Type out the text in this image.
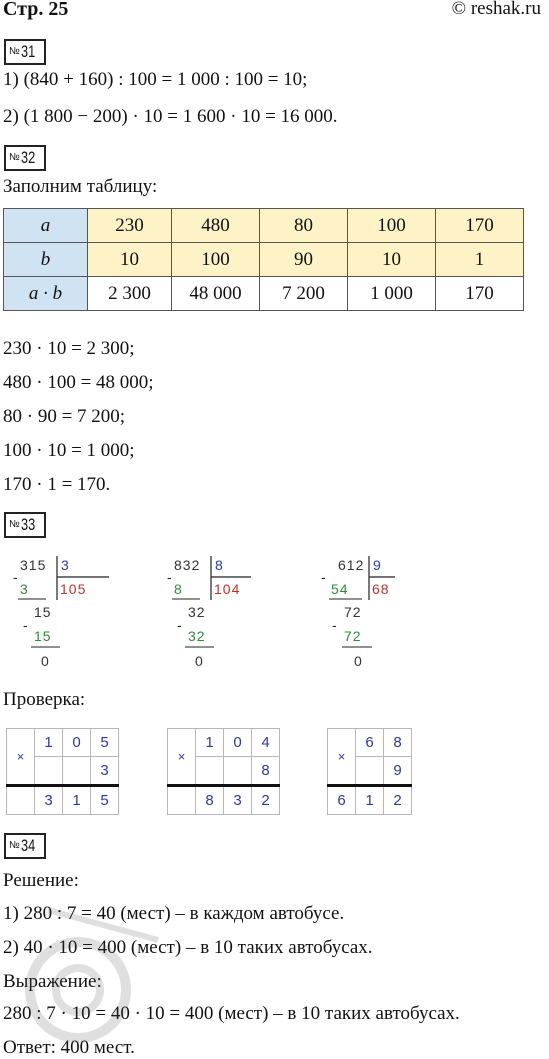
Стр. 25	© reshak.ru
№31
1) (840 + 160) : 100 = 1 000 : 100 = 10;
2) (1 800 − 200) · 10 = 1 600 · 10 = 16 000.
№32
Заполним таблицу:
a	230	480	80	100	170
b	10	100	90	10	1
a · b	2 300	48 000	7 200	1 000	170
230 · 10 = 2 300;
480 · 100 = 48 000;
80 · 90 = 7 200;
100 · 10 = 1 000;
170 · 1 = 170.
№33
315 3
105
-
3
15
-
15
0
832 8
104
-
8
32
-
32
0
612 9
68
-
54
72
-
72
0
Проверка:
×	1	0	5
			3
	3	1	5
×	1	0	4
			8
	8	3	2
×	6	8
		9
6	1	2
№34
Решение:
1) 280 : 7 = 40 (мест) – в каждом автобусе.
2) 40 · 10 = 400 (мест) – в 10 таких автобусах.
Выражение:
280 : 7 · 10 = 40 · 10 = 400 (мест) – в 10 таких автобусах.
Ответ: 400 мест.
